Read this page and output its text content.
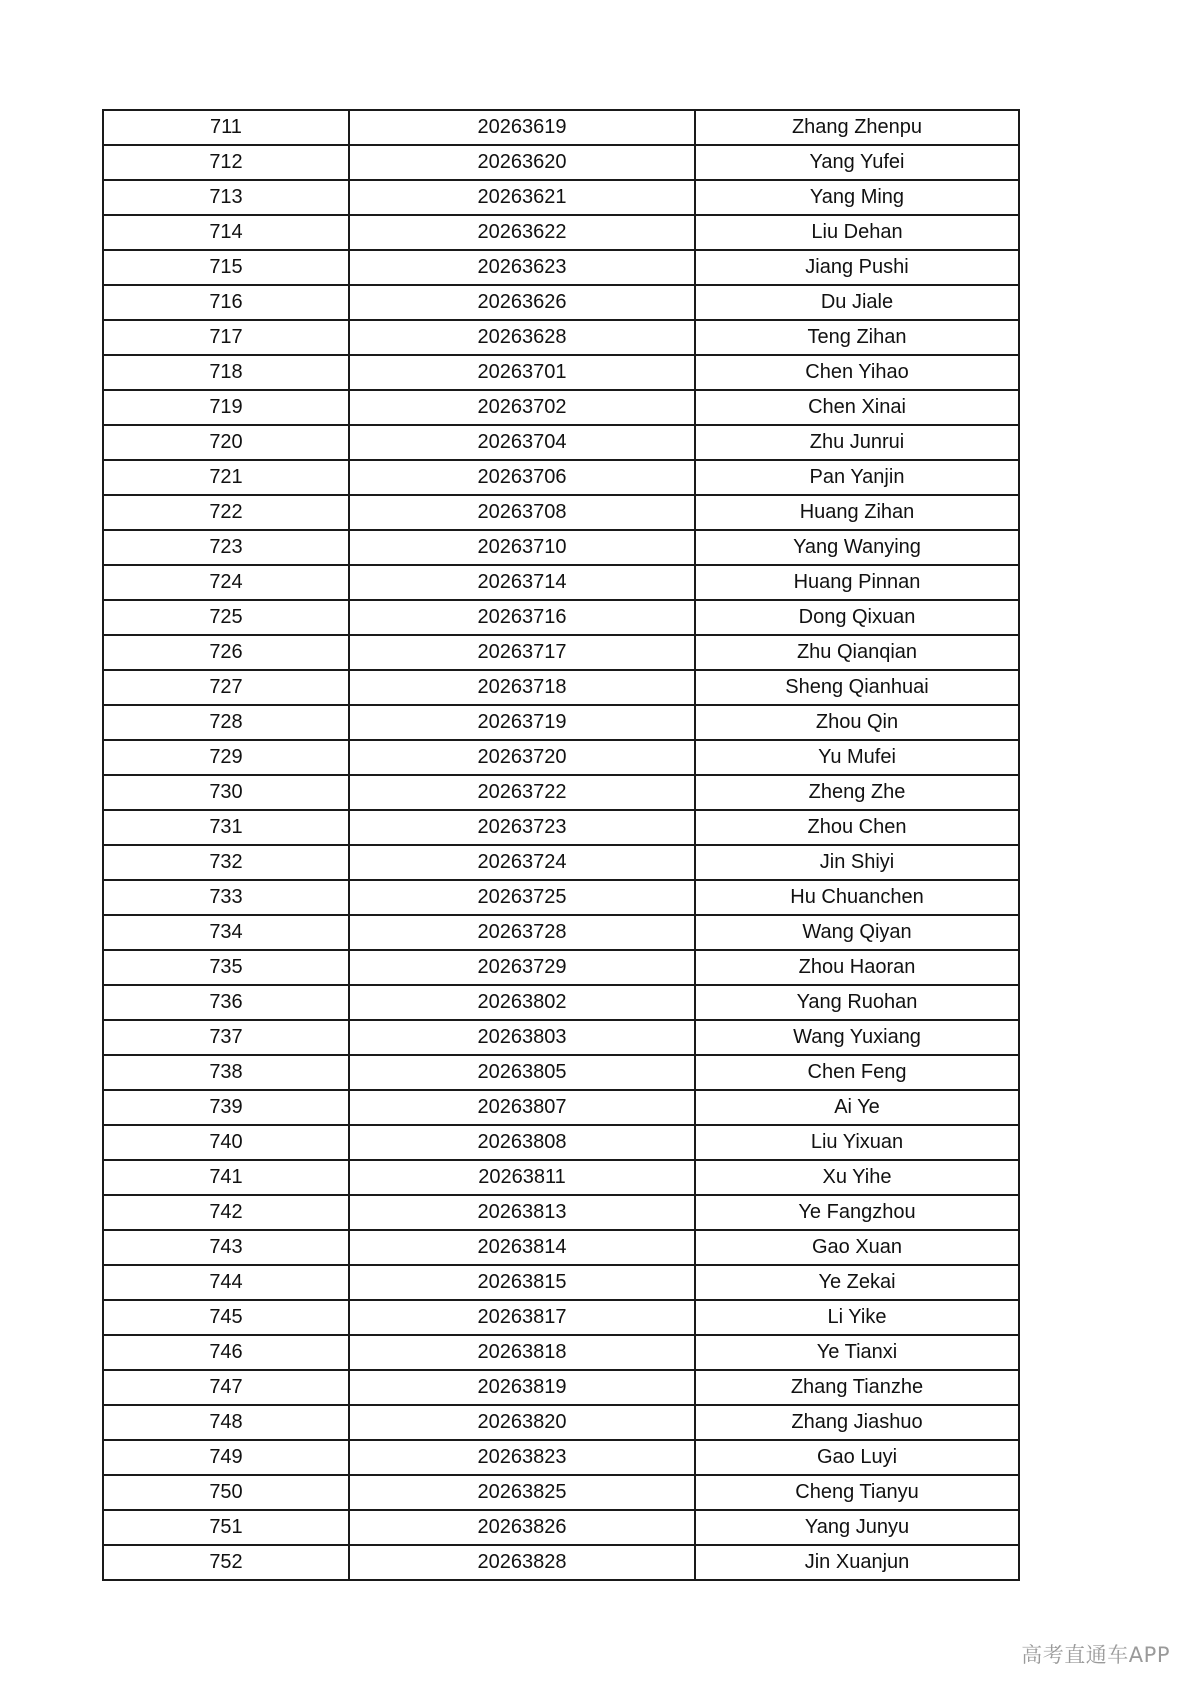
711	20263619	Zhang Zhenpu
712	20263620	Yang Yufei
713	20263621	Yang Ming
714	20263622	Liu Dehan
715	20263623	Jiang Pushi
716	20263626	Du Jiale
717	20263628	Teng Zihan
718	20263701	Chen Yihao
719	20263702	Chen Xinai
720	20263704	Zhu Junrui
721	20263706	Pan Yanjin
722	20263708	Huang Zihan
723	20263710	Yang Wanying
724	20263714	Huang Pinnan
725	20263716	Dong Qixuan
726	20263717	Zhu Qianqian
727	20263718	Sheng Qianhuai
728	20263719	Zhou Qin
729	20263720	Yu Mufei
730	20263722	Zheng Zhe
731	20263723	Zhou Chen
732	20263724	Jin Shiyi
733	20263725	Hu Chuanchen
734	20263728	Wang Qiyan
735	20263729	Zhou Haoran
736	20263802	Yang Ruohan
737	20263803	Wang Yuxiang
738	20263805	Chen Feng
739	20263807	Ai Ye
740	20263808	Liu Yixuan
741	20263811	Xu Yihe
742	20263813	Ye Fangzhou
743	20263814	Gao Xuan
744	20263815	Ye Zekai
745	20263817	Li Yike
746	20263818	Ye Tianxi
747	20263819	Zhang Tianzhe
748	20263820	Zhang Jiashuo
749	20263823	Gao Luyi
750	20263825	Cheng Tianyu
751	20263826	Yang Junyu
752	20263828	Jin Xuanjun
高考直通车APP
